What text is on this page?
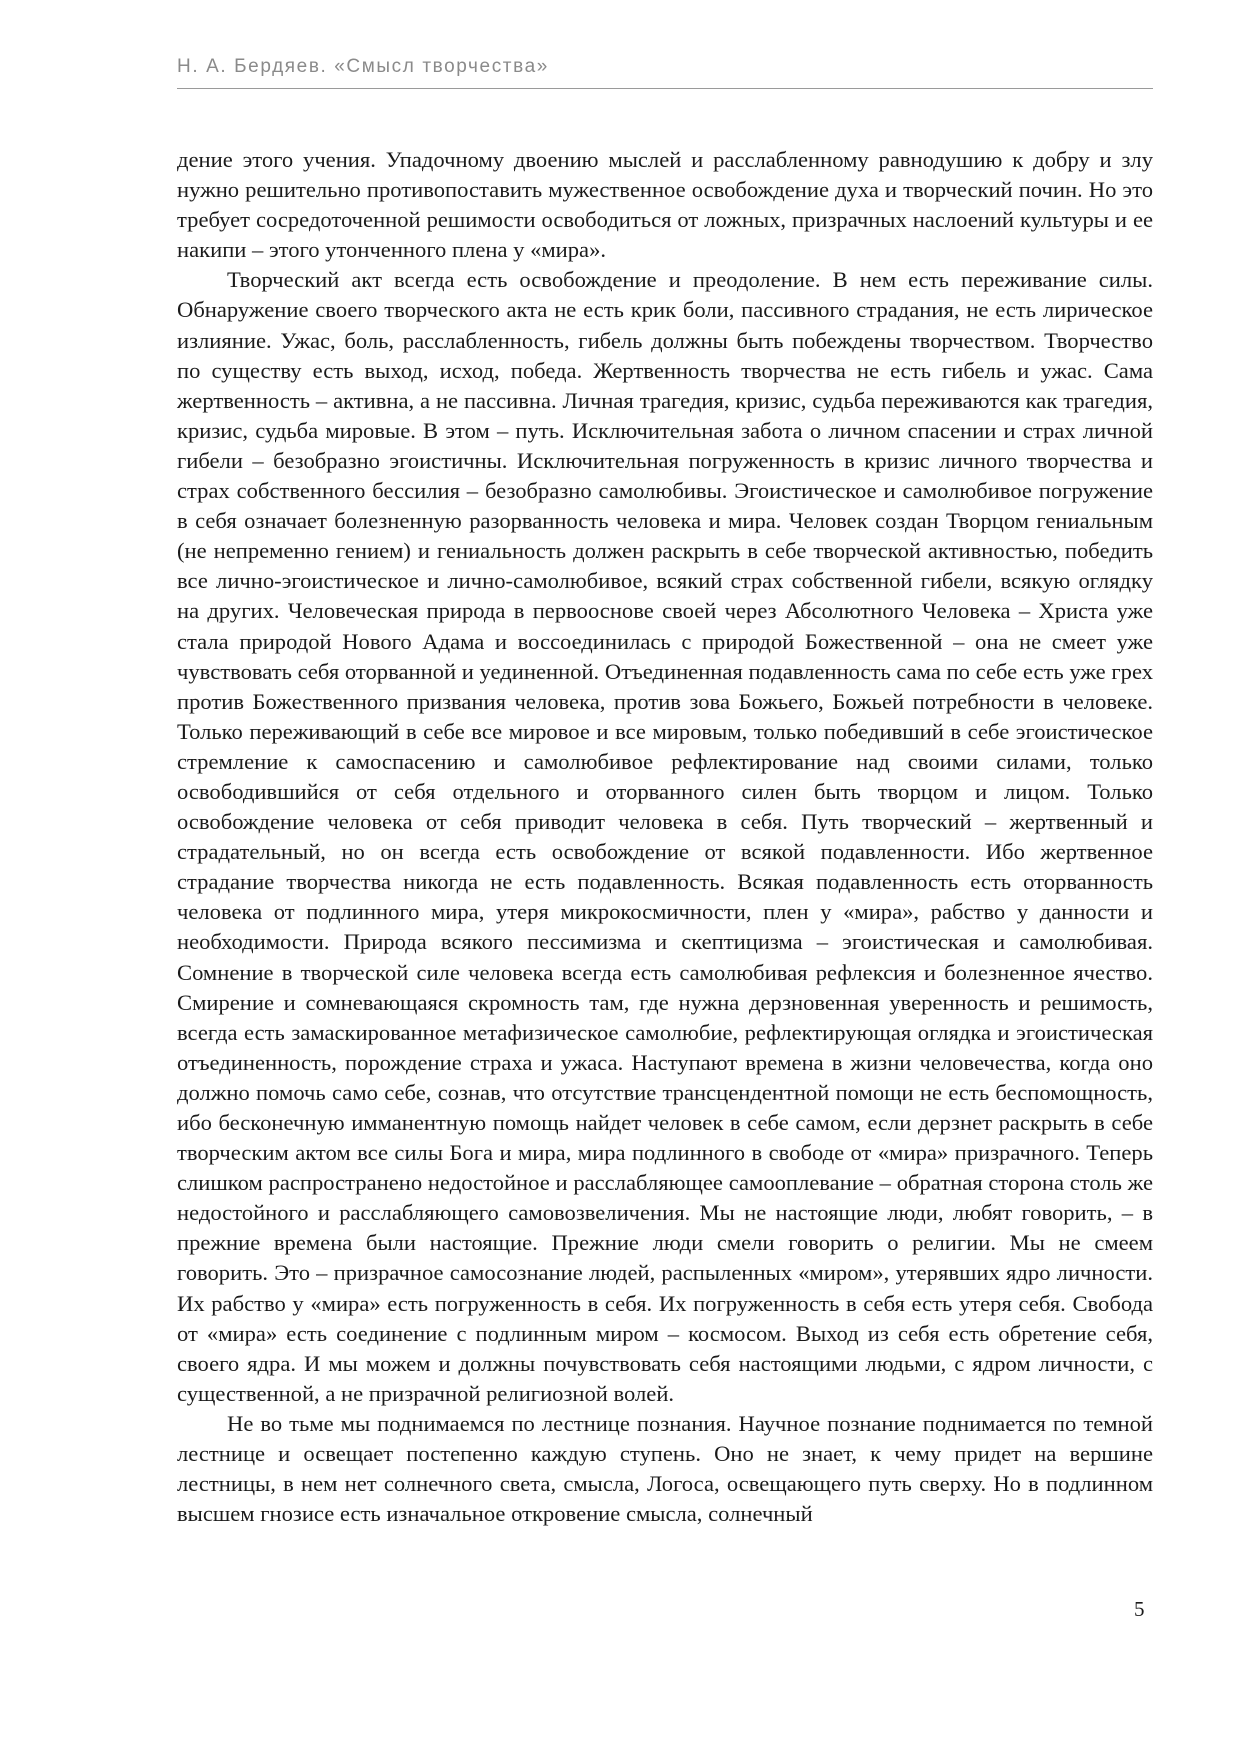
Н. А. Бердяев. «Смысл творчества»

дение этого учения. Упадочному двоению мыслей и расслабленному равнодушию к добру и злу нужно решительно противопоставить мужественное освобождение духа и творческий почин. Но это требует сосредоточенной решимости освободиться от ложных, призрачных наслоений культуры и ее накипи – этого утонченного плена у «мира».

Творческий акт всегда есть освобождение и преодоление. В нем есть переживание силы. Обнаружение своего творческого акта не есть крик боли, пассивного страдания, не есть лирическое излияние. Ужас, боль, расслабленность, гибель должны быть побеждены творчеством. Творчество по существу есть выход, исход, победа. Жертвенность творчества не есть гибель и ужас. Сама жертвенность – активна, а не пассивна. Личная трагедия, кризис, судьба переживаются как трагедия, кризис, судьба мировые. В этом – путь. Исключительная забота о личном спасении и страх личной гибели – безобразно эгоистичны. Исключительная погруженность в кризис личного творчества и страх собственного бессилия – безобразно самолюбивы. Эгоистическое и самолюбивое погружение в себя означает болезненную разорванность человека и мира. Человек создан Творцом гениальным (не непременно гением) и гениальность должен раскрыть в себе творческой активностью, победить все лично-эгоистическое и лично-самолюбивое, всякий страх собственной гибели, всякую оглядку на других. Человеческая природа в первооснове своей через Абсолютного Человека – Христа уже стала природой Нового Адама и воссоединилась с природой Божественной – она не смеет уже чувствовать себя оторванной и уединенной. Отъединенная подавленность сама по себе есть уже грех против Божественного призвания человека, против зова Божьего, Божьей потребности в человеке. Только переживающий в себе все мировое и все мировым, только победивший в себе эгоистическое стремление к самоспасению и самолюбивое рефлектирование над своими силами, только освободившийся от себя отдельного и оторванного силен быть творцом и лицом. Только освобождение человека от себя приводит человека в себя. Путь творческий – жертвенный и страдательный, но он всегда есть освобождение от всякой подавленности. Ибо жертвенное страдание творчества никогда не есть подавленность. Всякая подавленность есть оторванность человека от подлинного мира, утеря микрокосмичности, плен у «мира», рабство у данности и необходимости. Природа всякого пессимизма и скептицизма – эгоистическая и самолюбивая. Сомнение в творческой силе человека всегда есть самолюбивая рефлексия и болезненное ячество. Смирение и сомневающаяся скромность там, где нужна дерзновенная уверенность и решимость, всегда есть замаскированное метафизическое самолюбие, рефлектирующая оглядка и эгоистическая отъединенность, порождение страха и ужаса. Наступают времена в жизни человечества, когда оно должно помочь само себе, сознав, что отсутствие трансцендентной помощи не есть беспомощность, ибо бесконечную имманентную помощь найдет человек в себе самом, если дерзнет раскрыть в себе творческим актом все силы Бога и мира, мира подлинного в свободе от «мира» призрачного. Теперь слишком распространено недостойное и расслабляющее самооплевание – обратная сторона столь же недостойного и расслабляющего самовозвеличения. Мы не настоящие люди, любят говорить, – в прежние времена были настоящие. Прежние люди смели говорить о религии. Мы не смеем говорить. Это – призрачное самосознание людей, распыленных «миром», утерявших ядро личности. Их рабство у «мира» есть погруженность в себя. Их погруженность в себя есть утеря себя. Свобода от «мира» есть соединение с подлинным миром – космосом. Выход из себя есть обретение себя, своего ядра. И мы можем и должны почувствовать себя настоящими людьми, с ядром личности, с существенной, а не призрачной религиозной волей.

Не во тьме мы поднимаемся по лестнице познания. Научное познание поднимается по темной лестнице и освещает постепенно каждую ступень. Оно не знает, к чему придет на вершине лестницы, в нем нет солнечного света, смысла, Логоса, освещающего путь сверху. Но в подлинном высшем гнозисе есть изначальное откровение смысла, солнечный

5
